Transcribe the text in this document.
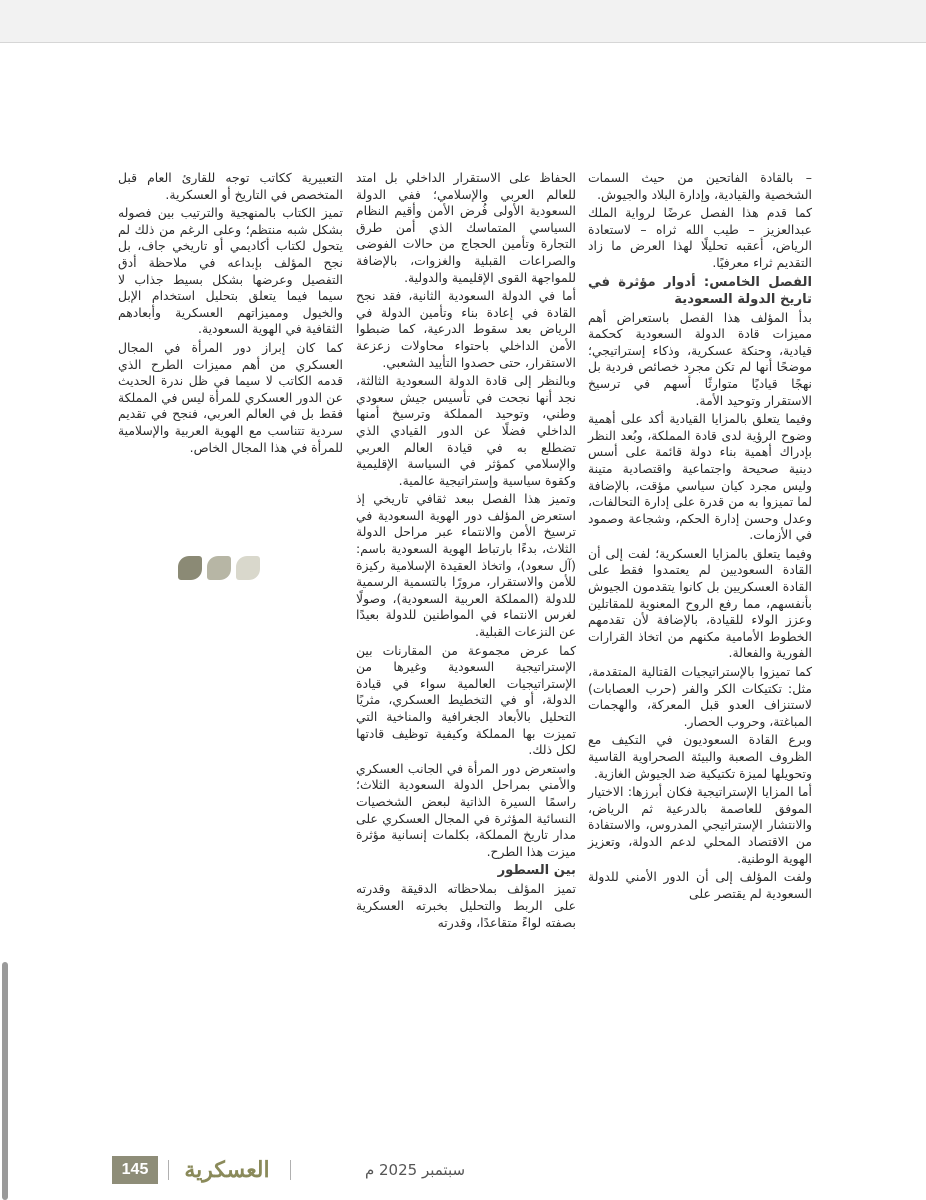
– بالقادة الفاتحين من حيث السمات الشخصية والقيادية، وإدارة البلاد والجيوش.

كما قدم هذا الفصل عرضًا لرواية الملك عبدالعزيز – طيب الله ثراه – لاستعادة الرياض، أعقبه تحليلًا لهذا العرض ما زاد التقديم ثراء معرفيًا.

الفصل الخامس: أدوار مؤثرة في تاريخ الدولة السعودية

بدأ المؤلف هذا الفصل باستعراض أهم مميزات قادة الدولة السعودية كحكمة قيادية، وحنكة عسكرية، وذكاء إستراتيجي؛ موضحًا أنها لم تكن مجرد خصائص فردية بل نهجًا قياديًا متوارثًا أسهم في ترسيخ الاستقرار وتوحيد الأمة.

وفيما يتعلق بالمزايا القيادية أكد على أهمية وضوح الرؤية لدى قادة المملكة، وبُعد النظر بإدراك أهمية بناء دولة قائمة على أسس دينية صحيحة واجتماعية واقتصادية متينة وليس مجرد كيان سياسي مؤقت، بالإضافة لما تميزوا به من قدرة على إدارة التحالفات، وعدل وحسن إدارة الحكم، وشجاعة وصمود في الأزمات.

وفيما يتعلق بالمزايا العسكرية؛ لفت إلى أن القادة السعوديين لم يعتمدوا فقط على القادة العسكريين بل كانوا يتقدمون الجيوش بأنفسهم، مما رفع الروح المعنوية للمقاتلين وعزز الولاء للقيادة، بالإضافة لأن تقدمهم الخطوط الأمامية مكنهم من اتخاذ القرارات الفورية والفعالة.

كما تميزوا بالإستراتيجيات القتالية المتقدمة، مثل: تكتيكات الكر والفر (حرب العصابات) لاستنزاف العدو قبل المعركة، والهجمات المباغتة، وحروب الحصار.

وبرع القادة السعوديون في التكيف مع الظروف الصعبة والبيئة الصحراوية القاسية وتحويلها لميزة تكتيكية ضد الجيوش الغازية.

أما المزايا الإستراتيجية فكان أبرزها: الاختيار الموفق للعاصمة بالدرعية ثم الرياض، والانتشار الإستراتيجي المدروس، والاستفادة من الاقتصاد المحلي لدعم الدولة، وتعزيز الهوية الوطنية.

ولفت المؤلف إلى أن الدور الأمني للدولة السعودية لم يقتصر على

الحفاظ على الاستقرار الداخلي بل امتد للعالم العربي والإسلامي؛ ففي الدولة السعودية الأولى فُرض الأمن وأقيم النظام السياسي المتماسك الذي أمن طرق التجارة وتأمين الحجاج من حالات الفوضى والصراعات القبلية والغزوات، بالإضافة للمواجهة القوى الإقليمية والدولية.

أما في الدولة السعودية الثانية، فقد نجح القادة في إعادة بناء وتأمين الدولة في الرياض بعد سقوط الدرعية، كما ضبطوا الأمن الداخلي باحتواء محاولات زعزعة الاستقرار، حتى حصدوا التأييد الشعبي.

وبالنظر إلى قادة الدولة السعودية الثالثة، نجد أنها نجحت في تأسيس جيش سعودي وطني، وتوحيد المملكة وترسيخ أمنها الداخلي فضلًا عن الدور القيادي الذي تضطلع به في قيادة العالم العربي والإسلامي كمؤثر في السياسة الإقليمية وكقوة سياسية وإستراتيجية عالمية.

وتميز هذا الفصل ببعد ثقافي تاريخي إذ استعرض المؤلف دور الهوية السعودية في ترسيخ الأمن والانتماء عبر مراحل الدولة الثلاث، بدءًا بارتباط الهوية السعودية باسم: (آل سعود)، واتخاذ العقيدة الإسلامية ركيزة للأمن والاستقرار، مرورًا بالتسمية الرسمية للدولة (المملكة العربية السعودية)، وصولًا لغرس الانتماء في المواطنين للدولة بعيدًا عن النزعات القبلية.

كما عرض مجموعة من المقارنات بين الإستراتيجية السعودية وغيرها من الإستراتيجيات العالمية سواء في قيادة الدولة، أو في التخطيط العسكري، مثريًا التحليل بالأبعاد الجغرافية والمناخية التي تميزت بها المملكة وكيفية توظيف قادتها لكل ذلك.

واستعرض دور المرأة في الجانب العسكري والأمني بمراحل الدولة السعودية الثلاث؛ راسمًا السيرة الذاتية لبعض الشخصيات النسائية المؤثرة في المجال العسكري على مدار تاريخ المملكة، بكلمات إنسانية مؤثرة ميزت هذا الطرح.

بين السطور

تميز المؤلف بملاحظاته الدقيقة وقدرته على الربط والتحليل بخبرته العسكرية بصفته لواءً متقاعدًا، وقدرته

التعبيرية ككاتب توجه للقارئ العام قبل المتخصص في التاريخ أو العسكرية.

تميز الكتاب بالمنهجية والترتيب بين فصوله بشكل شبه منتظم؛ وعلى الرغم من ذلك لم يتحول لكتاب أكاديمي أو تاريخي جاف، بل نجح المؤلف بإبداعه في ملاحظة أدق التفصيل وعرضها بشكل بسيط جذاب لا سيما فيما يتعلق بتحليل استخدام الإبل والخيول ومميزاتهم العسكرية وأبعادهم الثقافية في الهوية السعودية.

كما كان إبراز دور المرأة في المجال العسكري من أهم مميزات الطرح الذي قدمه الكاتب لا سيما في ظل ندرة الحديث عن الدور العسكري للمرأة ليس في المملكة فقط بل في العالم العربي، فنجح في تقديم سردية تتناسب مع الهوية العربية والإسلامية للمرأة في هذا المجال الخاص.

145	العسكرية	سبتمبر 2025 م
